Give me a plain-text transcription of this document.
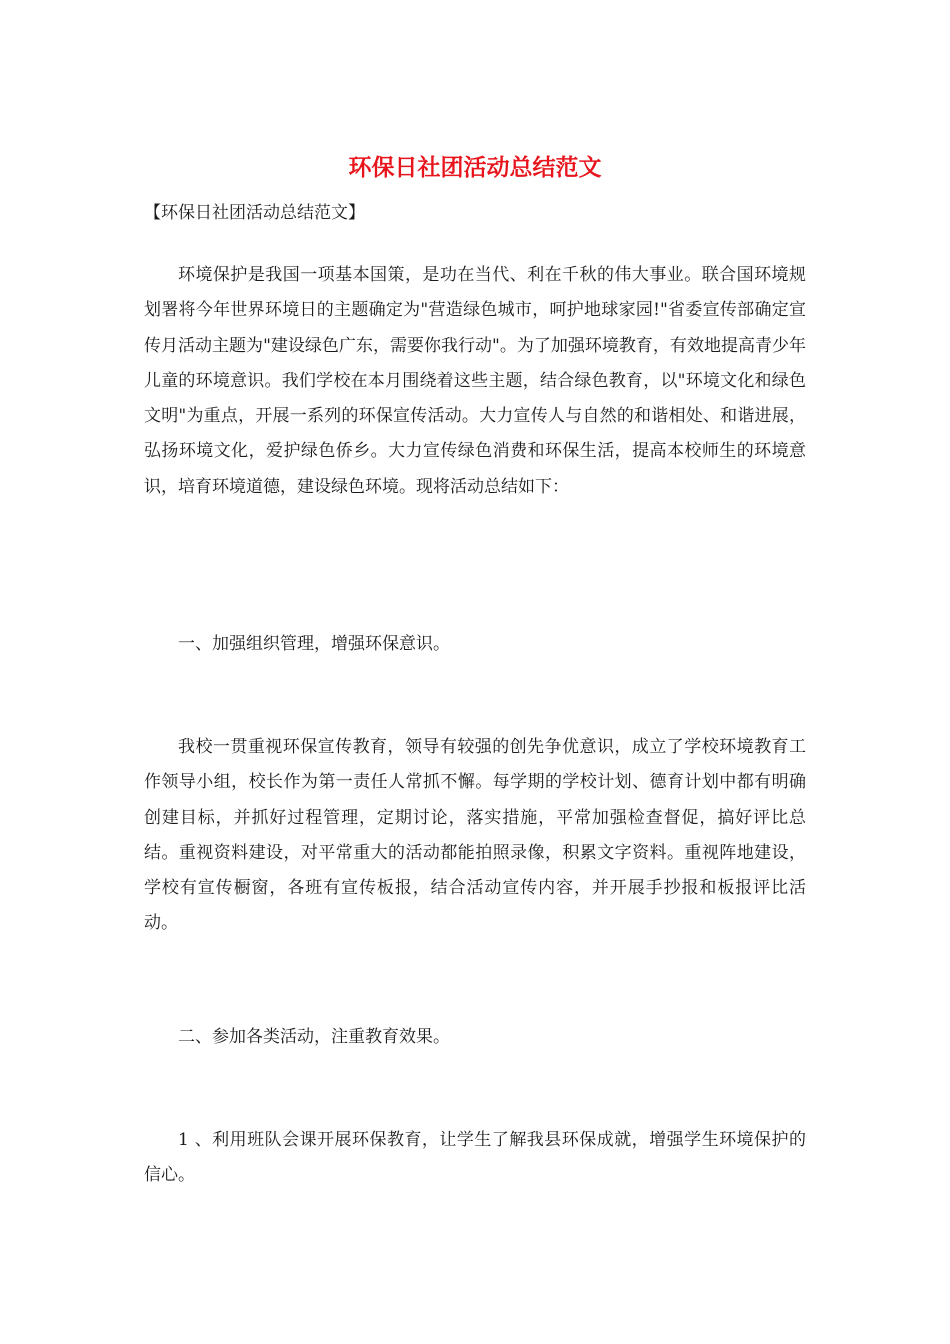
环保日社团活动总结范文

【环保日社团活动总结范文】

环境保护是我国一项基本国策，是功在当代、利在千秋的伟大事业。联合国环境规划署将今年世界环境日的主题确定为"营造绿色城市，呵护地球家园!"省委宣传部确定宣传月活动主题为"建设绿色广东，需要你我行动"。为了加强环境教育，有效地提高青少年儿童的环境意识。我们学校在本月围绕着这些主题，结合绿色教育，以"环境文化和绿色文明"为重点，开展一系列的环保宣传活动。大力宣传人与自然的和谐相处、和谐进展，弘扬环境文化，爱护绿色侨乡。大力宣传绿色消费和环保生活，提高本校师生的环境意识，培育环境道德，建设绿色环境。现将活动总结如下：

一、加强组织管理，增强环保意识。

我校一贯重视环保宣传教育，领导有较强的创先争优意识，成立了学校环境教育工作领导小组，校长作为第一责任人常抓不懈。每学期的学校计划、德育计划中都有明确创建目标，并抓好过程管理，定期讨论，落实措施，平常加强检查督促，搞好评比总结。重视资料建设，对平常重大的活动都能拍照录像，积累文字资料。重视阵地建设，学校有宣传橱窗，各班有宣传板报，结合活动宣传内容，并开展手抄报和板报评比活动。

二、参加各类活动，注重教育效果。

1 、利用班队会课开展环保教育，让学生了解我县环保成就，增强学生环境保护的信心。
